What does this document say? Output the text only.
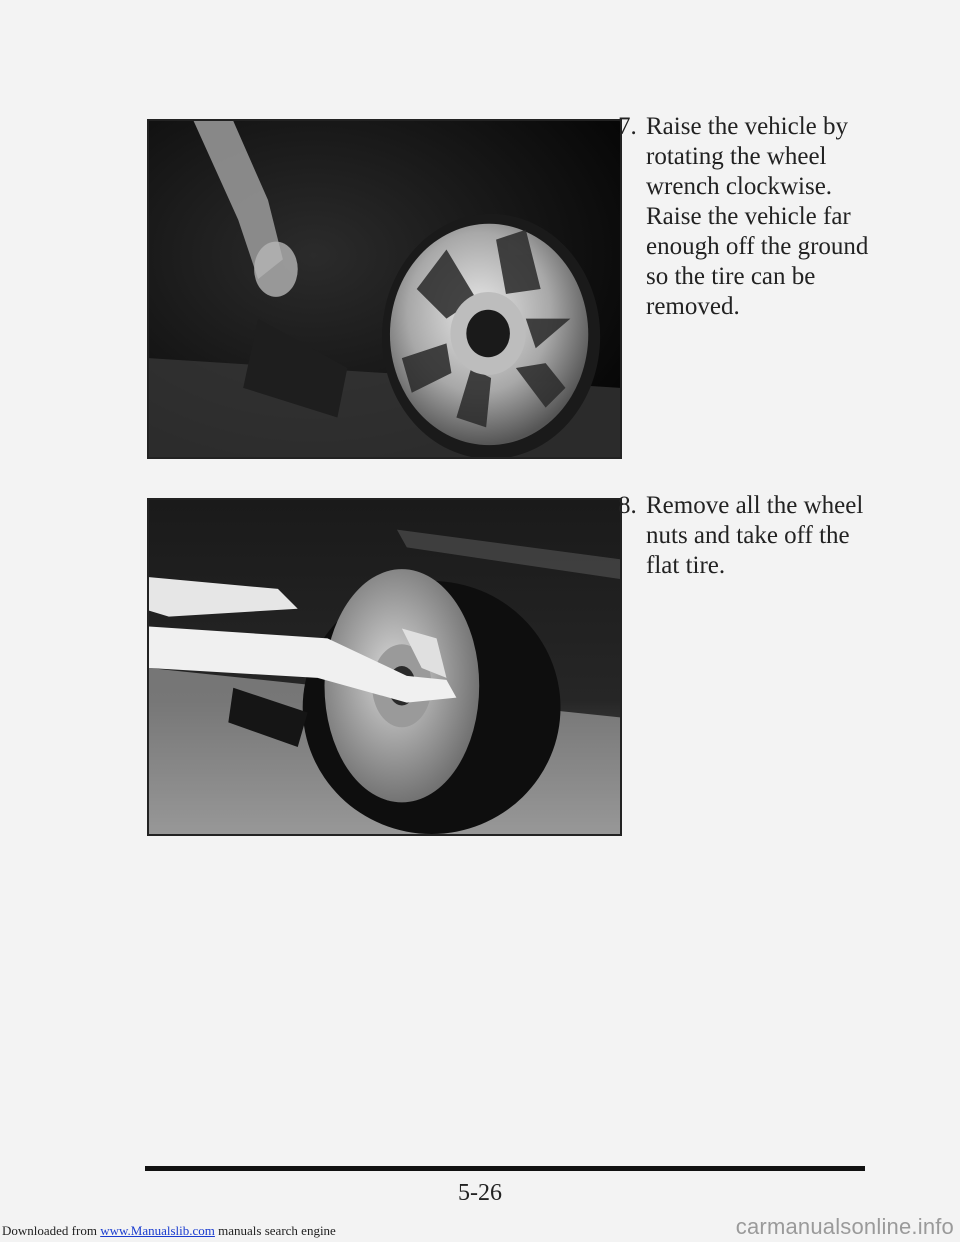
7. Raise the vehicle by rotating the wheel wrench clockwise. Raise the vehicle far enough off the ground so the tire can be removed.
8. Remove all the wheel nuts and take off the flat tire.
5-26
Downloaded from www.Manualslib.com manuals search engine	carmanualsonline.info
